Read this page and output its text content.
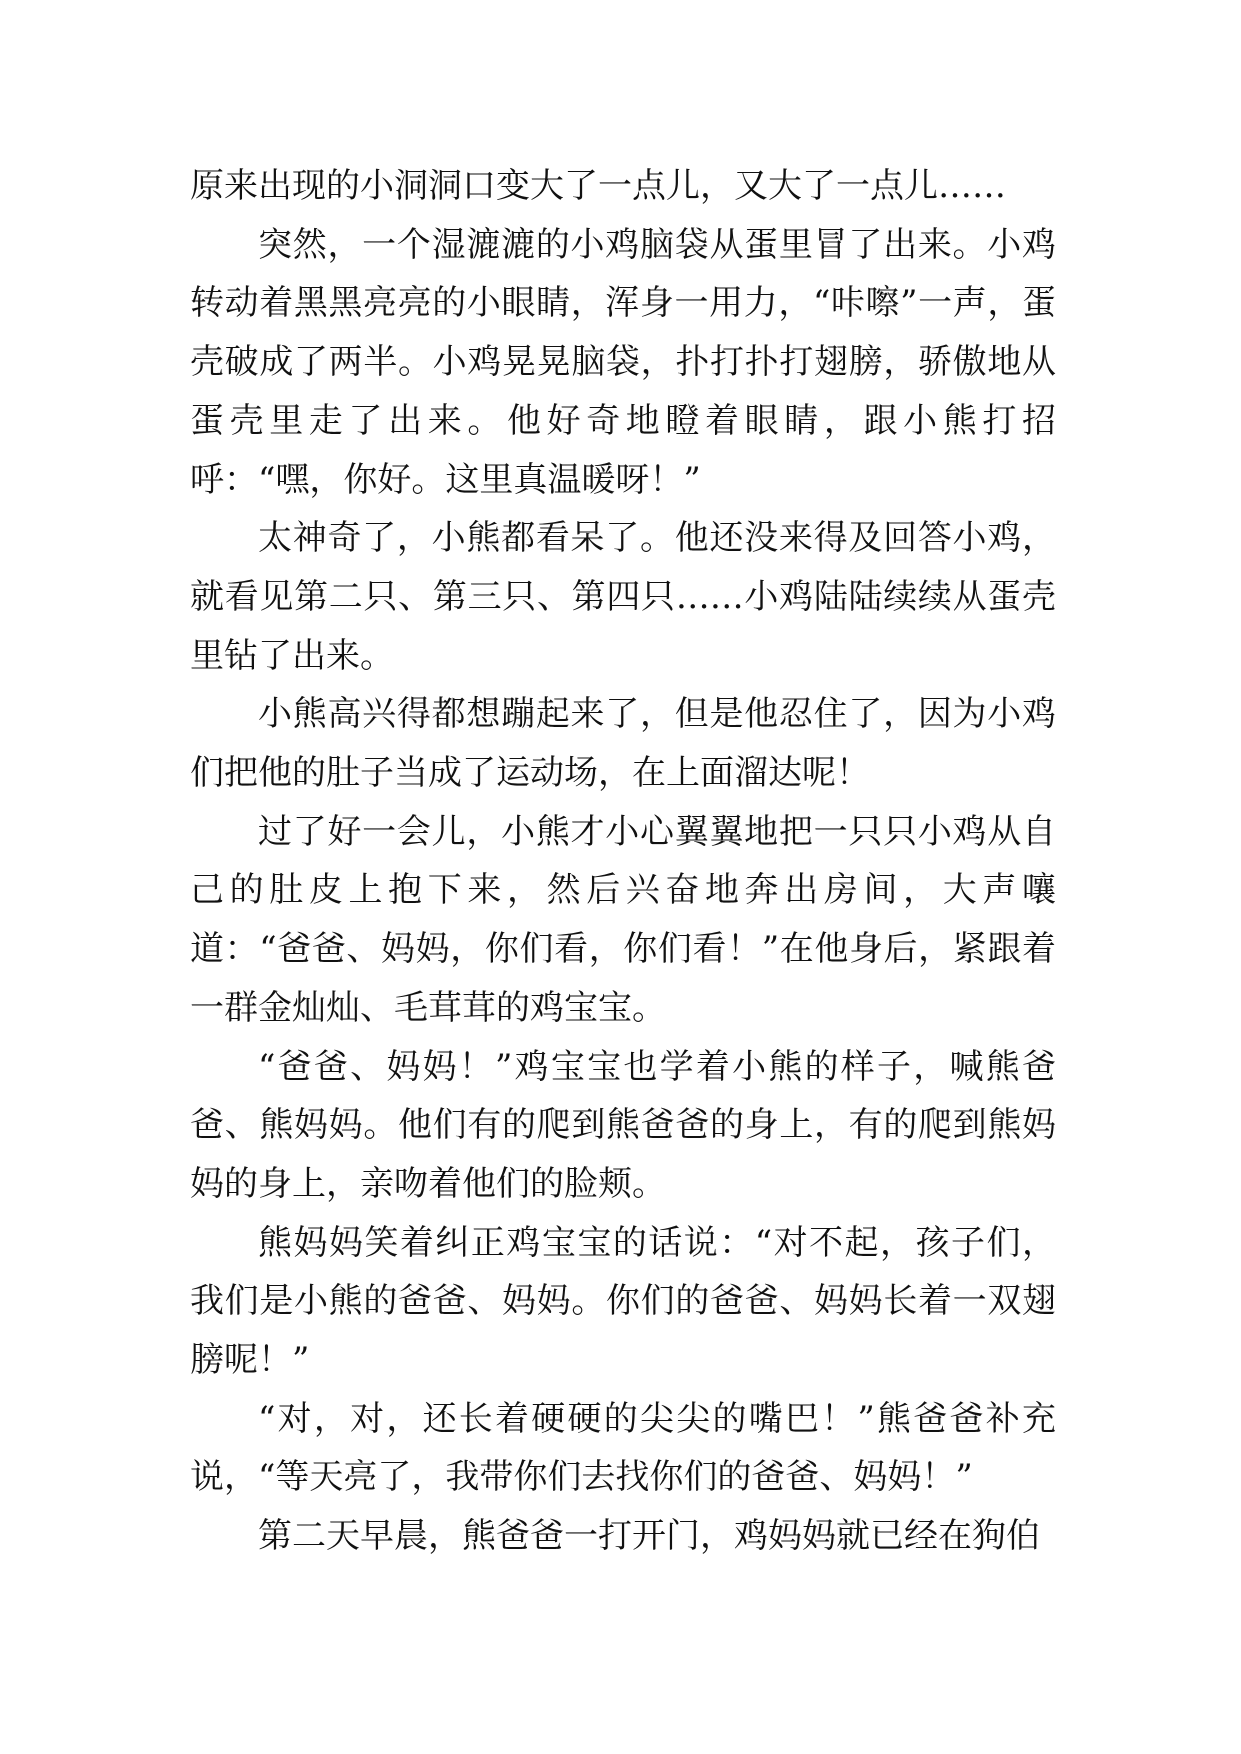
原来出现的小洞洞口变大了一点儿，又大了一点儿……

突然，一个湿漉漉的小鸡脑袋从蛋里冒了出来。小鸡转动着黑黑亮亮的小眼睛，浑身一用力，“咔嚓”一声，蛋壳破成了两半。小鸡晃晃脑袋，扑打扑打翅膀，骄傲地从蛋壳里走了出来。他好奇地瞪着眼睛，跟小熊打招呼：“嘿，你好。这里真温暖呀！”

太神奇了，小熊都看呆了。他还没来得及回答小鸡，就看见第二只、第三只、第四只……小鸡陆陆续续从蛋壳里钻了出来。

小熊高兴得都想蹦起来了，但是他忍住了，因为小鸡们把他的肚子当成了运动场，在上面溜达呢！

过了好一会儿，小熊才小心翼翼地把一只只小鸡从自己的肚皮上抱下来，然后兴奋地奔出房间，大声嚷道：“爸爸、妈妈，你们看，你们看！”在他身后，紧跟着一群金灿灿、毛茸茸的鸡宝宝。

“爸爸、妈妈！”鸡宝宝也学着小熊的样子，喊熊爸爸、熊妈妈。他们有的爬到熊爸爸的身上，有的爬到熊妈妈的身上，亲吻着他们的脸颊。

熊妈妈笑着纠正鸡宝宝的话说：“对不起，孩子们，我们是小熊的爸爸、妈妈。你们的爸爸、妈妈长着一双翅膀呢！”

“对，对，还长着硬硬的尖尖的嘴巴！”熊爸爸补充说，“等天亮了，我带你们去找你们的爸爸、妈妈！”

第二天早晨，熊爸爸一打开门，鸡妈妈就已经在狗伯
